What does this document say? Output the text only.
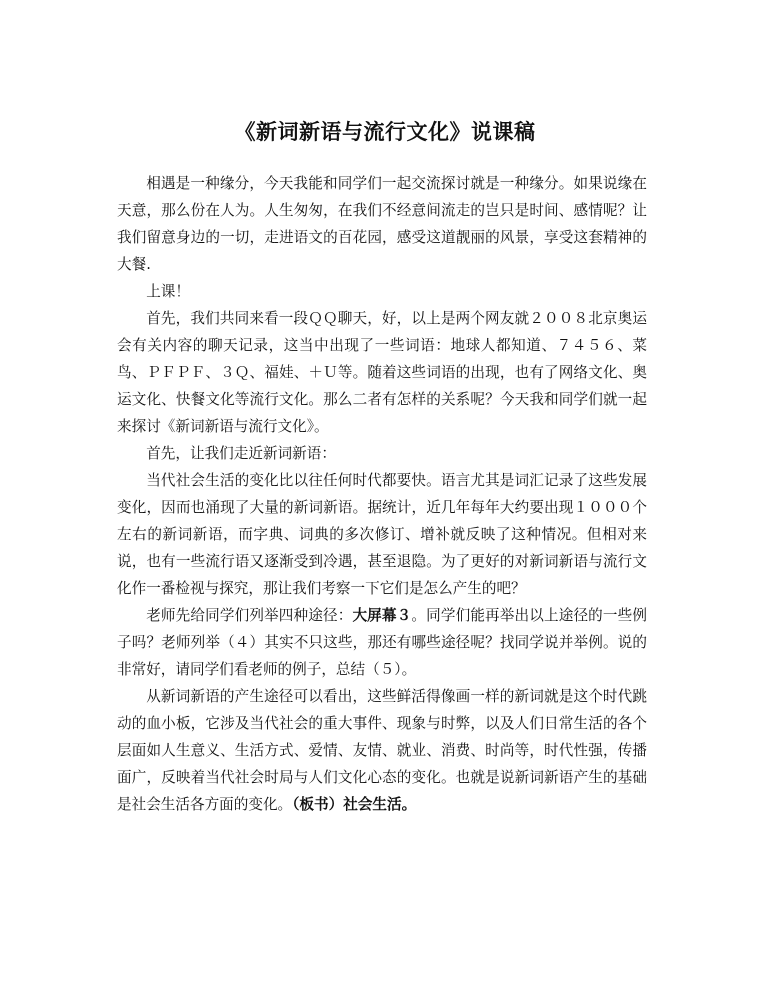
《新词新语与流行文化》说课稿

相遇是一种缘分，今天我能和同学们一起交流探讨就是一种缘分。如果说缘在天意，那么份在人为。人生匆匆，在我们不经意间流走的岂只是时间、感情呢？让我们留意身边的一切，走进语文的百花园，感受这道靓丽的风景，享受这套精神的大餐.

上课！

首先，我们共同来看一段ＱＱ聊天，好，以上是两个网友就２００８北京奥运会有关内容的聊天记录，这当中出现了一些词语：地球人都知道、７４５６、菜鸟、ＰＦＰＦ、３Ｑ、福娃、＋Ｕ等。随着这些词语的出现，也有了网络文化、奥运文化、快餐文化等流行文化。那么二者有怎样的关系呢？今天我和同学们就一起来探讨《新词新语与流行文化》。

首先，让我们走近新词新语：

当代社会生活的变化比以往任何时代都要快。语言尤其是词汇记录了这些发展变化，因而也涌现了大量的新词新语。据统计，近几年每年大约要出现１０００个左右的新词新语，而字典、词典的多次修订、增补就反映了这种情况。但相对来说，也有一些流行语又逐渐受到冷遇，甚至退隐。为了更好的对新词新语与流行文化作一番检视与探究，那让我们考察一下它们是怎么产生的吧？

老师先给同学们列举四种途径：大屏幕３。同学们能再举出以上途径的一些例子吗？老师列举（４）其实不只这些，那还有哪些途径呢？找同学说并举例。说的非常好，请同学们看老师的例子，总结（５）。

从新词新语的产生途径可以看出，这些鲜活得像画一样的新词就是这个时代跳动的血小板，它涉及当代社会的重大事件、现象与时弊，以及人们日常生活的各个层面如人生意义、生活方式、爱情、友情、就业、消费、时尚等，时代性强，传播面广，反映着当代社会时局与人们文化心态的变化。也就是说新词新语产生的基础是社会生活各方面的变化。（板书）社会生活。
